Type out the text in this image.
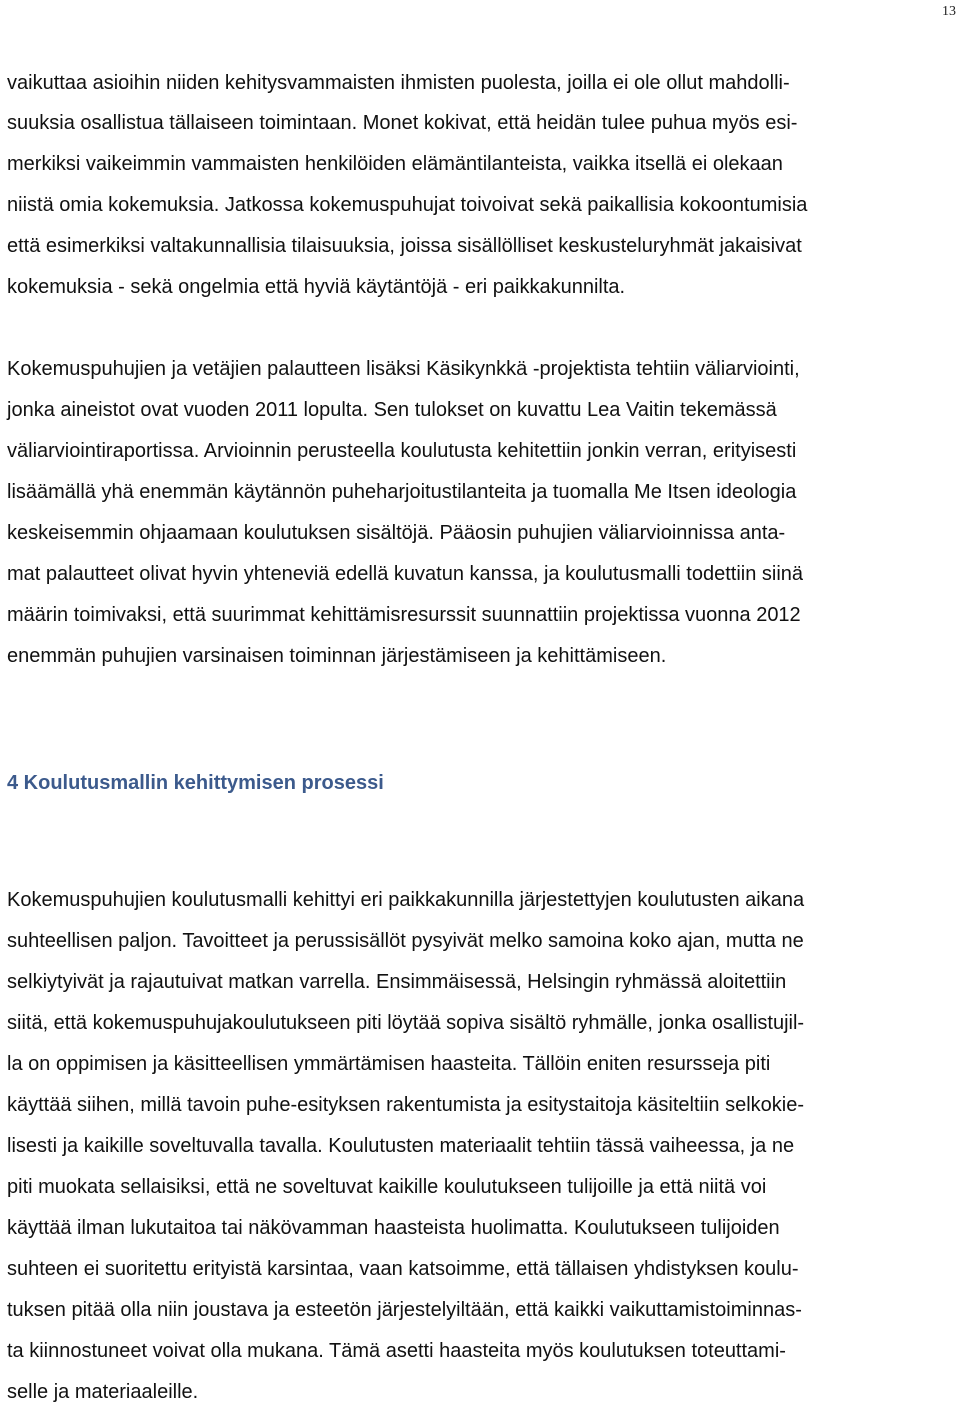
13
vaikuttaa asioihin niiden kehitysvammaisten ihmisten puolesta, joilla ei ole ollut mahdolli-
suuksia osallistua tällaiseen toimintaan. Monet kokivat, että heidän tulee puhua myös esi-
merkiksi vaikeimmin vammaisten henkilöiden elämäntilanteista, vaikka itsellä ei olekaan
niistä omia kokemuksia. Jatkossa kokemuspuhujat toivoivat sekä paikallisia kokoontumisia
että esimerkiksi valtakunnallisia tilaisuuksia, joissa sisällölliset keskusteluryhmät jakaisivat
kokemuksia - sekä ongelmia että hyviä käytäntöjä - eri paikkakunnilta.
Kokemuspuhujien ja vetäjien palautteen lisäksi Käsikynkkä -projektista tehtiin väliarviointi,
jonka aineistot ovat vuoden 2011 lopulta. Sen tulokset on kuvattu Lea Vaitin tekemässä
väliarviointiraportissa. Arvioinnin perusteella koulutusta kehitettiin jonkin verran, erityisesti
lisäämällä yhä enemmän käytännön puheharjoitustilanteita ja tuomalla Me Itsen ideologia
keskeisemmin ohjaamaan koulutuksen sisältöjä. Pääosin puhujien väliarvioinnissa anta-
mat palautteet olivat hyvin yhteneviä edellä kuvatun kanssa, ja koulutusmalli todettiin siinä
määrin toimivaksi, että suurimmat kehittämisresurssit suunnattiin projektissa vuonna 2012
enemmän puhujien varsinaisen toiminnan järjestämiseen ja kehittämiseen.
4 Koulutusmallin kehittymisen prosessi
Kokemuspuhujien koulutusmalli kehittyi eri paikkakunnilla järjestettyjen koulutusten aikana
suhteellisen paljon. Tavoitteet ja perussisällöt pysyivät melko samoina koko ajan, mutta ne
selkiytyivät ja rajautuivat matkan varrella. Ensimmäisessä, Helsingin ryhmässä aloitettiin
siitä, että kokemuspuhujakoulutukseen piti löytää sopiva sisältö ryhmälle, jonka osallistujil-
la on oppimisen ja käsitteellisen ymmärtämisen haasteita. Tällöin eniten resursseja piti
käyttää siihen, millä tavoin puhe-esityksen rakentumista ja esitystaitoja käsiteltiin selkokie-
lisesti ja kaikille soveltuvalla tavalla. Koulutusten materiaalit tehtiin tässä vaiheessa, ja ne
piti muokata sellaisiksi, että ne soveltuvat kaikille koulutukseen tulijoille ja että niitä voi
käyttää ilman lukutaitoa tai näkövamman haasteista huolimatta. Koulutukseen tulijoiden
suhteen ei suoritettu erityistä karsintaa, vaan katsoimme, että tällaisen yhdistyksen koulu-
tuksen pitää olla niin joustava ja esteetön järjestelyiltään, että kaikki vaikuttamistoiminnas-
ta kiinnostuneet voivat olla mukana. Tämä asetti haasteita myös koulutuksen toteuttami-
selle ja materiaaleille.
